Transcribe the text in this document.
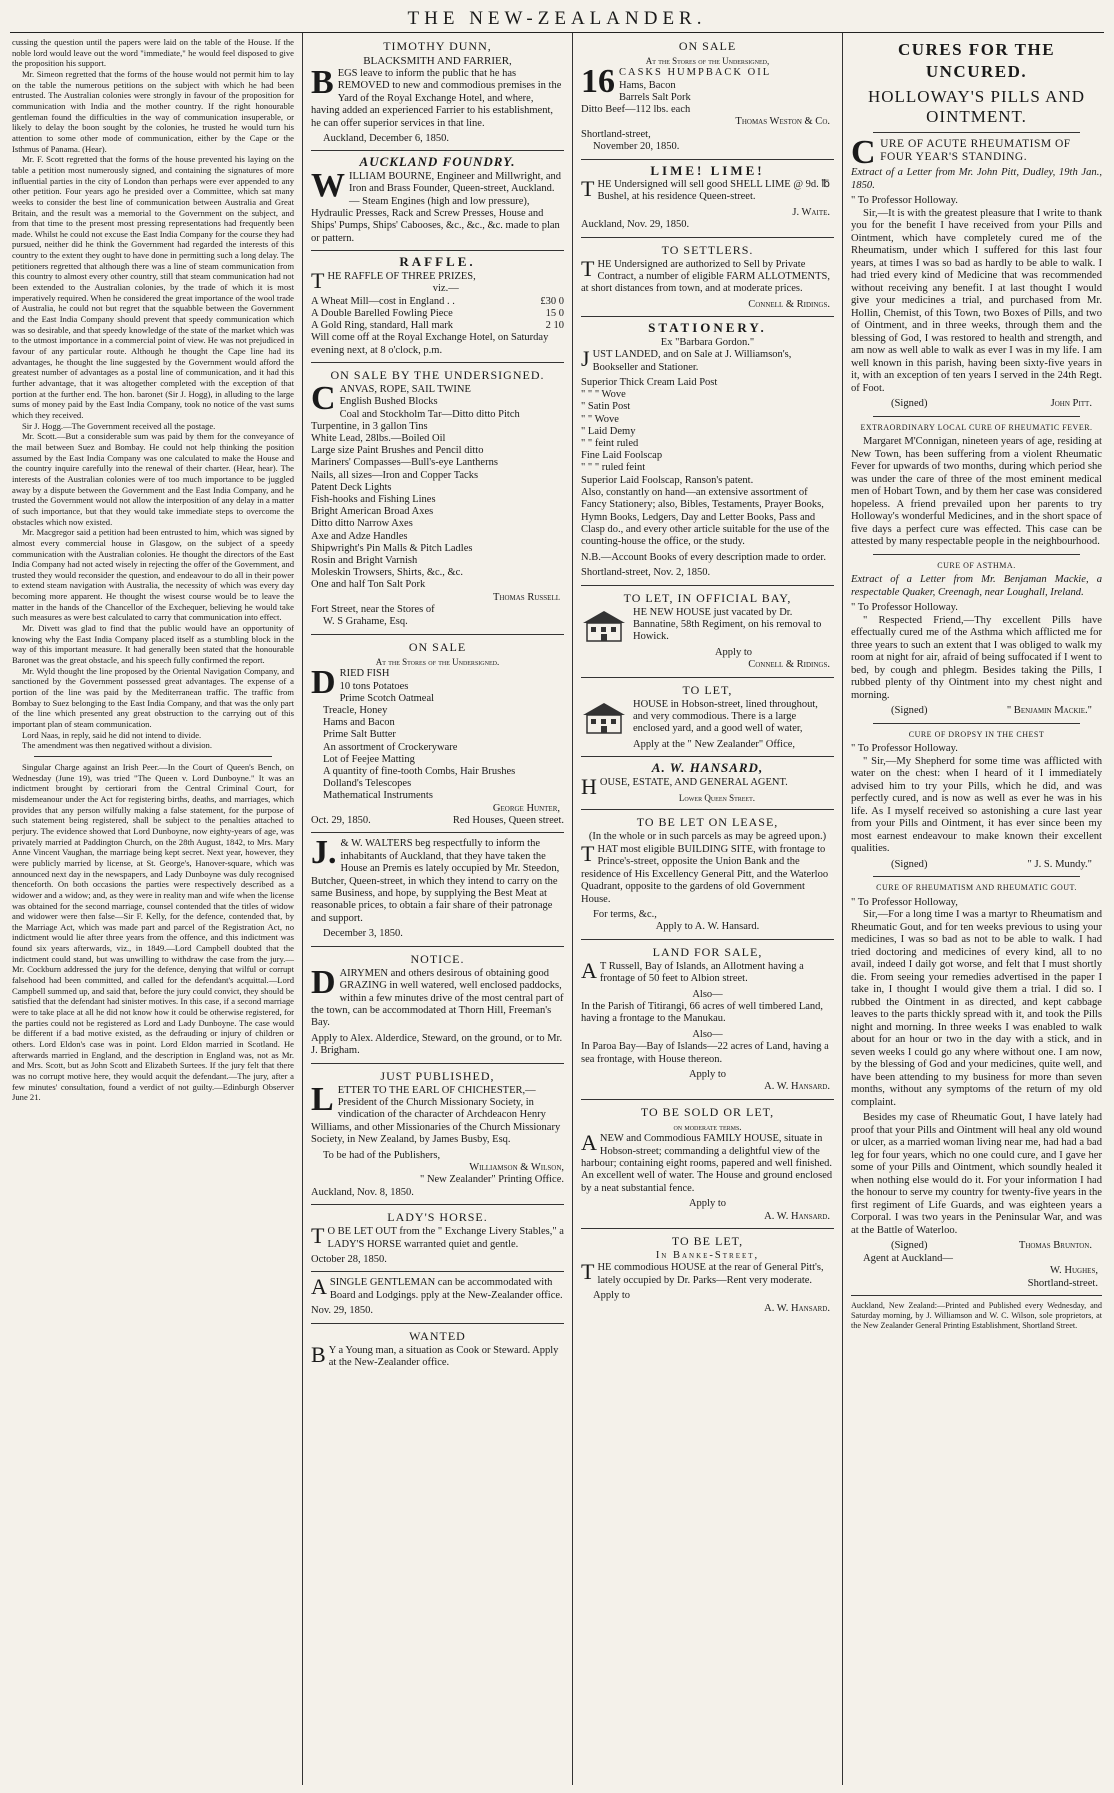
THE NEW-ZEALANDER.

cussing the question until the papers were laid on the table of the House. If the noble lord would leave out the word "immediate," he would feel disposed to give the proposition his support.

Mr. Simeon regretted that the forms of the house would not permit him to lay on the table the numerous petitions on the subject with which he had been entrusted. The Australian colonies were strongly in favour of the proposition for communication with India and the mother country. If the right honourable gentleman found the difficulties in the way of communication insuperable, or likely to delay the boon sought by the colonies, he trusted he would turn his attention to some other mode of communication, either by the Cape or the Isthmus of Panama. (Hear).

Mr. F. Scott regretted that the forms of the house prevented his laying on the table a petition most numerously signed, and containing the signatures of more influential parties in the city of London than perhaps were ever appended to any other petition. Four years ago he presided over a Committee, which sat many weeks to consider the best line of communication between Australia and Great Britain, and the result was a memorial to the Government on the subject, and from that time to the present most pressing representations had frequently been made. Whilst he could not excuse the East India Company for the course they had pursued, neither did he think the Government had regarded the interests of this country to the extent they ought to have done in permitting such a long delay. The petitioners regretted that although there was a line of steam communication from this country to almost every other country, still that steam communication had not been extended to the Australian colonies, by the trade of which it is most imperatively required. When he considered the great importance of the wool trade of Australia, he could not but regret that the squabble between the Government and the East India Company should prevent that speedy communication which was so desirable, and that speedy knowledge of the state of the market which was to the utmost importance in a commercial point of view. He was not prejudiced in favour of any particular route. Although he thought the Cape line had its advantages, he thought the line suggested by the Government would afford the greatest number of advantages as a postal line of communication, and it had this further advantage, that it was altogether completed with the exception of that portion at the further end. The hon. baronet (Sir J. Hogg), in alluding to the large sums of money paid by the East India Company, took no notice of the vast sums which they received.

Sir J. Hogg.—The Government received all the postage.

Mr. Scott.—But a considerable sum was paid by them for the conveyance of the mail between Suez and Bombay. He could not help thinking the position assumed by the East India Company was one calculated to make the House and the country inquire carefully into the renewal of their charter. (Hear, hear). The interests of the Australian colonies were of too much importance to be juggled away by a dispute between the Government and the East India Company, and he trusted the Government would not allow the interposition of any delay in a matter of such importance, but that they would take immediate steps to overcome the obstacles which now existed.

Mr. Macgregor said a petition had been entrusted to him, which was signed by almost every commercial house in Glasgow, on the subject of a speedy communication with the Australian colonies. He thought the directors of the East India Company had not acted wisely in rejecting the offer of the Government, and trusted they would reconsider the question, and endeavour to do all in their power to extend steam navigation with Australia, the necessity of which was every day becoming more apparent. He thought the wisest course would be to leave the matter in the hands of the Chancellor of the Exchequer, believing he would take such measures as were best calculated to carry that communication into effect.

Mr. Divett was glad to find that the public would have an opportunity of knowing why the East India Company placed itself as a stumbling block in the way of this important measure. It had generally been stated that the honourable Baronet was the great obstacle, and his speech fully confirmed the report.

Mr. Wyld thought the line proposed by the Oriental Navigation Company, and sanctioned by the Government possessed great advantages. The expense of a portion of the line was paid by the Mediterranean traffic. The traffic from Bombay to Suez belonging to the East India Company, and that was the only part of the line which presented any great obstruction to the carrying out of this important plan of steam communication.

Lord Naas, in reply, said he did not intend to divide.

The amendment was then negatived without a division.

Singular Charge against an Irish Peer.—In the Court of Queen's Bench, on Wednesday (June 19), was tried "The Queen v. Lord Dunboyne." It was an indictment brought by certiorari from the Central Criminal Court, for misdemeanour under the Act for registering births, deaths, and marriages, which provides that any person wilfully making a false statement, for the purpose of such statement being registered, shall be subject to the penalties attached to perjury. The evidence showed that Lord Dunboyne, now eighty-years of age, was privately married at Paddington Church, on the 28th August, 1842, to Mrs. Mary Anne Vincent Vaughan, the marriage being kept secret. Next year, however, they were publicly married by license, at St. George's, Hanover-square, which was announced next day in the newspapers, and Lady Dunboyne was duly recognised thenceforth. On both occasions the parties were respectively described as a widower and a widow; and, as they were in reality man and wife when the license was obtained for the second marriage, counsel contended that the titles of widow and widower were then false—Sir F. Kelly, for the defence, contended that, by the Marriage Act, which was made part and parcel of the Registration Act, no indictment would lie after three years from the offence, and this indictment was found six years afterwards, viz., in 1849.—Lord Campbell doubted that the indictment could stand, but was unwilling to withdraw the case from the jury.—Mr. Cockburn addressed the jury for the defence, denying that wilful or corrupt falsehood had been committed, and called for the defendant's acquittal.—Lord Campbell summed up, and said that, before the jury could convict, they should be satisfied that the defendant had sinister motives. In this case, if a second marriage were to take place at all he did not know how it could be otherwise registered, for the parties could not be registered as Lord and Lady Dunboyne. The case would be different if a bad motive existed, as the defrauding or injury of children or others. Lord Eldon's case was in point. Lord Eldon married in Scotland. He afterwards married in England, and the description in England was, not as Mr. and Mrs. Scott, but as John Scott and Elizabeth Surtees. If the jury felt that there was no corrupt motive here, they would acquit the defendant.—The jury, after a few minutes' consultation, found a verdict of not guilty.—Edinburgh Observer June 21.

TIMOTHY DUNN,
BLACKSMITH AND FARRIER,

BEGS leave to inform the public that he has REMOVED to new and commodious premises in the Yard of the Royal Exchange Hotel, and where, having added an experienced Farrier to his establishment, he can offer superior services in that line.

Auckland, December 6, 1850.
AUCKLAND FOUNDRY.

WILLIAM BOURNE, Engineer and Millwright, and Iron and Brass Founder, Queen-street, Auckland. — Steam Engines (high and low pressure), Hydraulic Presses, Rack and Screw Presses, House and Ships' Pumps, Ships' Cabooses, &c., &c., &c. made to plan or pattern.

RAFFLE.
THE RAFFLE OF THREE PRIZES,
viz.—
A Wheat Mill—cost in England . .	£30 0
A Double Barelled Fowling Piece	15 0
A Gold Ring, standard, Hall mark	2 10

Will come off at the Royal Exchange Hotel, on Saturday evening next, at 8 o'clock, p.m.

ON SALE BY THE UNDERSIGNED.
CANVAS, ROPE, SAIL TWINE
English Bushed Blocks
Coal and Stockholm Tar—Ditto ditto Pitch
Turpentine, in 3 gallon Tins
White Lead, 28lbs.—Boiled Oil
Large size Paint Brushes and Pencil ditto
Mariners' Compasses—Bull's-eye Lantherns
Nails, all sizes—Iron and Copper Tacks
Patent Deck Lights
Fish-hooks and Fishing Lines
Bright American Broad Axes
Ditto ditto Narrow Axes
Axe and Adze Handles
Shipwright's Pin Malls & Pitch Ladles
Rosin and Bright Varnish
Moleskin Trowsers, Shirts, &c., &c.
One and half Ton Salt Pork
Thomas Russell
Fort Street, near the Stores of
W. S Grahame, Esq.
ON SALE
At the Stores of the Undersigned.
DRIED FISH
10 tons Potatoes
Prime Scotch Oatmeal
Treacle, Honey
Hams and Bacon
Prime Salt Butter
An assortment of Crockeryware
Lot of Feejee Matting
A quantity of fine-tooth Combs, Hair Brushes
Dolland's Telescopes
Mathematical Instruments
George Hunter,
Oct. 29, 1850.	Red Houses, Queen street.

J. & W. WALTERS beg respectfully to inform the inhabitants of Auckland, that they have taken the House an Premis es lately occupied by Mr. Steedon, Butcher, Queen-street, in which they intend to carry on the same Business, and hope, by supplying the Best Meat at reasonable prices, to obtain a fair share of their patronage and support.

December 3, 1850.
NOTICE.

DAIRYMEN and others desirous of obtaining good GRAZING in well watered, well enclosed paddocks, within a few minutes drive of the most central part of the town, can be accommodated at Thorn Hill, Freeman's Bay.

Apply to Alex. Alderdice, Steward, on the ground, or to Mr. J. Brigham.

JUST PUBLISHED,

LETTER TO THE EARL OF CHICHESTER,—President of the Church Missionary Society, in vindication of the character of Archdeacon Henry Williams, and other Missionaries of the Church Missionary Society, in New Zealand, by James Busby, Esq.

To be had of the Publishers,
Williamson & Wilson,
" New Zealander" Printing Office.
Auckland, Nov. 8, 1850.
LADY'S HORSE.

T O BE LET OUT from the " Exchange Livery Stables," a LADY'S HORSE warranted quiet and gentle.

October 28, 1850.

ASINGLE GENTLEMAN can be accommodated with Board and Lodgings. pply at the New-Zealander office.

Nov. 29, 1850.
WANTED

B Y a Young man, a situation as Cook or Steward. Apply at the New-Zealander office.

ON SALE
At the Stores of the Undersigned,
16 CASKS HUMPBACK OIL
Hams, Bacon
Barrels Salt Pork
Ditto Beef—112 lbs. each
Thomas Weston & Co.
Shortland-street,
November 20, 1850.
LIME! LIME!

THE Undersigned will sell good SHELL LIME @ 9d. ℔ Bushel, at his residence Queen-street.

J. Waite.
Auckland, Nov. 29, 1850.
TO SETTLERS.

THE Undersigned are authorized to Sell by Private Contract, a number of eligible FARM ALLOTMENTS, at short distances from town, and at moderate prices.

Connell & Ridings.
STATIONERY.
Ex "Barbara Gordon."

JUST LANDED, and on Sale at J. Williamson's, Bookseller and Stationer.

Superior Thick Cream Laid Post
" " " Wove
" Satin Post
" " Wove
" Laid Demy
" " feint ruled
Fine Laid Foolscap
" " " ruled feint
Superior Laid Foolscap, Ranson's patent.

Also, constantly on hand—an extensive assortment of Fancy Stationery; also, Bibles, Testaments, Prayer Books, Hymn Books, Ledgers, Day and Letter Books, Pass and Clasp do., and every other article suitable for the use of the counting-house the office, or the study.

N.B.—Account Books of every description made to order.

Shortland-street, Nov. 2, 1850.
TO LET, IN OFFICIAL BAY,

HE NEW HOUSE just vacated by Dr. Bannatine, 58th Regiment, on his removal to Howick.

Apply to
Connell & Ridings.
TO LET,

HOUSE in Hobson-street, lined throughout, and very commodious. There is a large enclosed yard, and a good well of water,

Apply at the " New Zealander" Office,
A. W. HANSARD,

HOUSE, ESTATE, AND GENERAL AGENT.

Lower Queen Street.
TO BE LET ON LEASE,
(In the whole or in such parcels as may be agreed upon.)

THAT most eligible BUILDING SITE, with frontage to Prince's-street, opposite the Union Bank and the residence of His Excellency General Pitt, and the Waterloo Quadrant, opposite to the gardens of old Government House.

For terms, &c.,
Apply to A. W. Hansard.
LAND FOR SALE,

A T Russell, Bay of Islands, an Allotment having a frontage of 50 feet to Albion street.

Also—

In the Parish of Titirangi, 66 acres of well timbered Land, having a frontage to the Manukau.

Also—

In Paroa Bay—Bay of Islands—22 acres of Land, having a sea frontage, with House thereon.

Apply to
A. W. Hansard.
TO BE SOLD OR LET,
on moderate terms.

ANEW and Commodious FAMILY HOUSE, situate in Hobson-street; commanding a delightful view of the harbour; containing eight rooms, papered and well finished. An excellent well of water. The House and ground enclosed by a neat substantial fence.

Apply to
A. W. Hansard.
TO BE LET,
In Banke-Street,

THE commodious HOUSE at the rear of General Pitt's, lately occupied by Dr. Parks—Rent very moderate.

Apply to
A. W. Hansard.
CURES FOR THE UNCURED.
HOLLOWAY'S PILLS AND OINTMENT.
CURE OF ACUTE RHEUMATISM OF FOUR YEAR'S STANDING.

Extract of a Letter from Mr. John Pitt, Dudley, 19th Jan., 1850.

" To Professor Holloway.

Sir,—It is with the greatest pleasure that I write to thank you for the benefit I have received from your Pills and Ointment, which have completely cured me of the Rheumatism, under which I suffered for this last four years, at times I was so bad as hardly to be able to walk. I had tried every kind of Medicine that was recommended without receiving any benefit. I at last thought I would give your medicines a trial, and purchased from Mr. Hollin, Chemist, of this Town, two Boxes of Pills, and two of Ointment, and in three weeks, through them and the blessing of God, I was restored to health and strength, and am now as well able to walk as ever I was in my life. I am well known in this parish, having been sixty-five years in it, with an exception of ten years I served in the 24th Regt. of Foot.

(Signed)	John Pitt.
EXTRAORDINARY LOCAL CURE OF RHEUMATIC FEVER.

Margaret M'Connigan, nineteen years of age, residing at New Town, has been suffering from a violent Rheumatic Fever for upwards of two months, during which period she was under the care of three of the most eminent medical men of Hobart Town, and by them her case was considered hopeless. A friend prevailed upon her parents to try Holloway's wonderful Medicines, and in the short space of five days a perfect cure was effected. This case can be attested by many respectable people in the neighbourhood.

CURE OF ASTHMA.

Extract of a Letter from Mr. Benjaman Mackie, a respectable Quaker, Creenagh, near Loughall, Ireland.

" To Professor Holloway.

" Respected Friend,—Thy excellent Pills have effectually cured me of the Asthma which afflicted me for three years to such an extent that I was obliged to walk my room at night for air, afraid of being suffocated if I went to bed, by cough and phlegm. Besides taking the Pills, I rubbed plenty of thy Ointment into my chest night and morning.

(Signed)	" Benjamin Mackie."
CURE OF DROPSY IN THE CHEST
" To Professor Holloway.

" Sir,—My Shepherd for some time was afflicted with water on the chest: when I heard of it I immediately advised him to try your Pills, which he did, and was perfectly cured, and is now as well as ever he was in his life. As I myself received so astonishing a cure last year from your Pills and Ointment, it has ever since been my most earnest endeavour to make known their excellent qualities.

(Signed)	" J. S. Mundy."
CURE OF RHEUMATISM AND RHEUMATIC GOUT.
" To Professor Holloway,

Sir,—For a long time I was a martyr to Rheumatism and Rheumatic Gout, and for ten weeks previous to using your medicines, I was so bad as not to be able to walk. I had tried doctoring and medicines of every kind, all to no avail, indeed I daily got worse, and felt that I must shortly die. From seeing your remedies advertised in the paper I take in, I thought I would give them a trial. I did so. I rubbed the Ointment in as directed, and kept cabbage leaves to the parts thickly spread with it, and took the Pills night and morning. In three weeks I was enabled to walk about for an hour or two in the day with a stick, and in seven weeks I could go any where without one. I am now, by the blessing of God and your medicines, quite well, and have been attending to my business for more than seven months, without any symptoms of the return of my old complaint.

Besides my case of Rheumatic Gout, I have lately had proof that your Pills and Ointment will heal any old wound or ulcer, as a married woman living near me, had had a bad leg for four years, which no one could cure, and I gave her some of your Pills and Ointment, which soundly healed it when nothing else would do it. For your information I had the honour to serve my country for twenty-five years in the first regiment of Life Guards, and was eighteen years a Corporal. I was two years in the Peninsular War, and was at the Battle of Waterloo.

(Signed)	Thomas Brunton.
Agent at Auckland—
W. Hughes,
Shortland-street.

Auckland, New Zealand:—Printed and Published every Wednesday, and Saturday morning, by J. Williamson and W. C. Wilson, sole proprietors, at the New Zealander General Printing Establishment, Shortland Street.
